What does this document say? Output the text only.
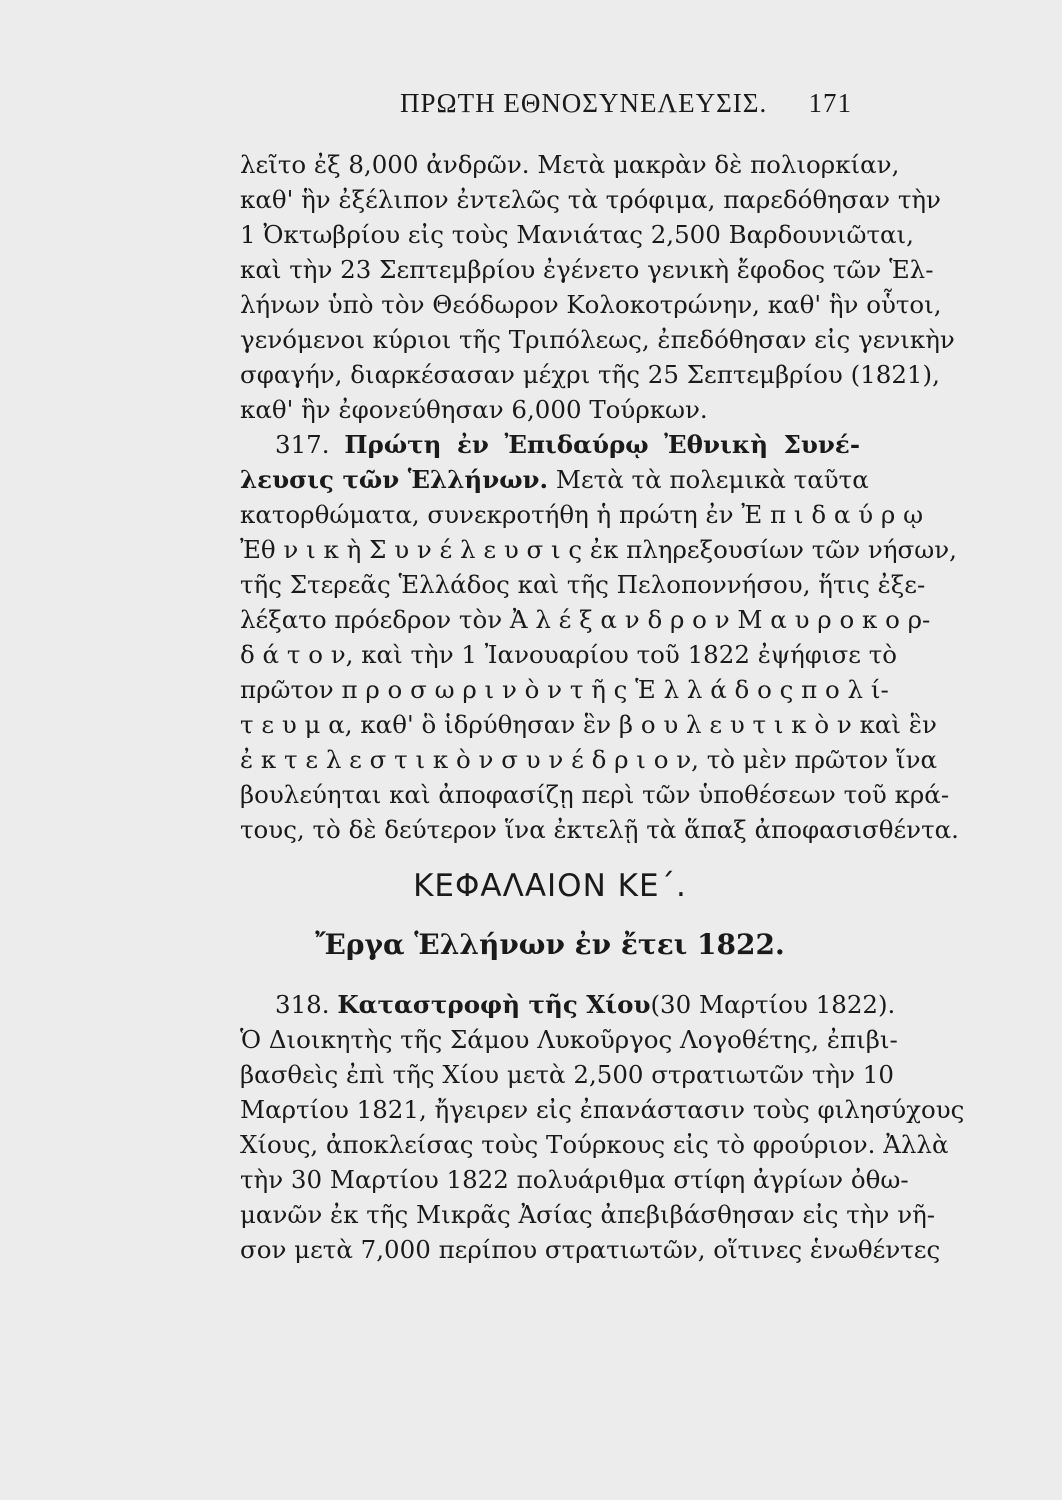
ΠΡΩΤΗ ΕΘΝΟΣΥΝΕΛΕΥΣΙΣ. 171
λεῖτο ἐξ 8,000 ἀνδρῶν. Μετὰ μακρὰν δὲ πολιορκίαν,
καθ' ἣν ἐξέλιπον ἐντελῶς τὰ τρόφιμα, παρεδόθησαν τὴν
1 Ὀκτωβρίου εἰς τοὺς Μανιάτας 2,500 Βαρδουνιῶται,
καὶ τὴν 23 Σεπτεμβρίου ἐγένετο γενικὴ ἔφοδος τῶν Ἑλ-
λήνων ὑπὸ τὸν Θεόδωρον Κολοκοτρώνην, καθ' ἣν οὗτοι,
γενόμενοι κύριοι τῆς Τριπόλεως, ἐπεδόθησαν εἰς γενικὴν
σφαγήν, διαρκέσασαν μέχρι τῆς 25 Σεπτεμβρίου (1821),
καθ' ἣν ἐφονεύθησαν 6,000 Τούρκων.
317. Πρώτη ἐν Ἐπιδαύρῳ Ἐθνικὴ Συνέ-
λευσις τῶν Ἑλλήνων. Μετὰ τὰ πολεμικὰ ταῦτα
κατορθώματα, συνεκροτήθη ἡ πρώτη ἐν Ἐ π ι δ α ύ ρ ῳ
Ἐθ ν ι κ ὴ Σ υ ν έ λ ε υ σ ι ς ἐκ πληρεξουσίων τῶν νήσων,
τῆς Στερεᾶς Ἑλλάδος καὶ τῆς Πελοποννήσου, ἥτις ἐξε-
λέξατο πρόεδρον τὸν Ἀ λ έ ξ α ν δ ρ ο ν Μ α υ ρ ο κ ο ρ-
δ ά τ ο ν, καὶ τὴν 1 Ἰανουαρίου τοῦ 1822 ἐψήφισε τὸ
πρῶτον π ρ ο σ ω ρ ι ν ὸ ν τ ῆ ς Ἑ λ λ ά δ ο ς π ο λ ί-
τ ε υ μ α, καθ' ὃ ἱδρύθησαν ἓν β ο υ λ ε υ τ ι κ ὸ ν καὶ ἓν
ἐ κ τ ε λ ε σ τ ι κ ὸ ν σ υ ν έ δ ρ ι ο ν, τὸ μὲν πρῶτον ἵνα
βουλεύηται καὶ ἀποφασίζῃ περὶ τῶν ὑποθέσεων τοῦ κρά-
τους, τὸ δὲ δεύτερον ἵνα ἐκτελῇ τὰ ἅπαξ ἀποφασισθέντα.
ΚΕΦΑΛΑΙΟΝ ΚΕ΄.
Ἔργα Ἑλλήνων ἐν ἔτει 1822.
318. Καταστροφὴ τῆς Χίου(30 Μαρτίου 1822).
Ὁ Διοικητὴς τῆς Σάμου Λυκοῦργος Λογοθέτης, ἐπιβι-
βασθεὶς ἐπὶ τῆς Χίου μετὰ 2,500 στρατιωτῶν τὴν 10
Μαρτίου 1821, ἤγειρεν εἰς ἐπανάστασιν τοὺς φιλησύχους
Χίους, ἀποκλείσας τοὺς Τούρκους εἰς τὸ φρούριον. Ἀλλὰ
τὴν 30 Μαρτίου 1822 πολυάριθμα στίφη ἀγρίων ὀθω-
μανῶν ἐκ τῆς Μικρᾶς Ἀσίας ἀπεβιβάσθησαν εἰς τὴν νῆ-
σον μετὰ 7,000 περίπου στρατιωτῶν, οἵτινες ἑνωθέντες
